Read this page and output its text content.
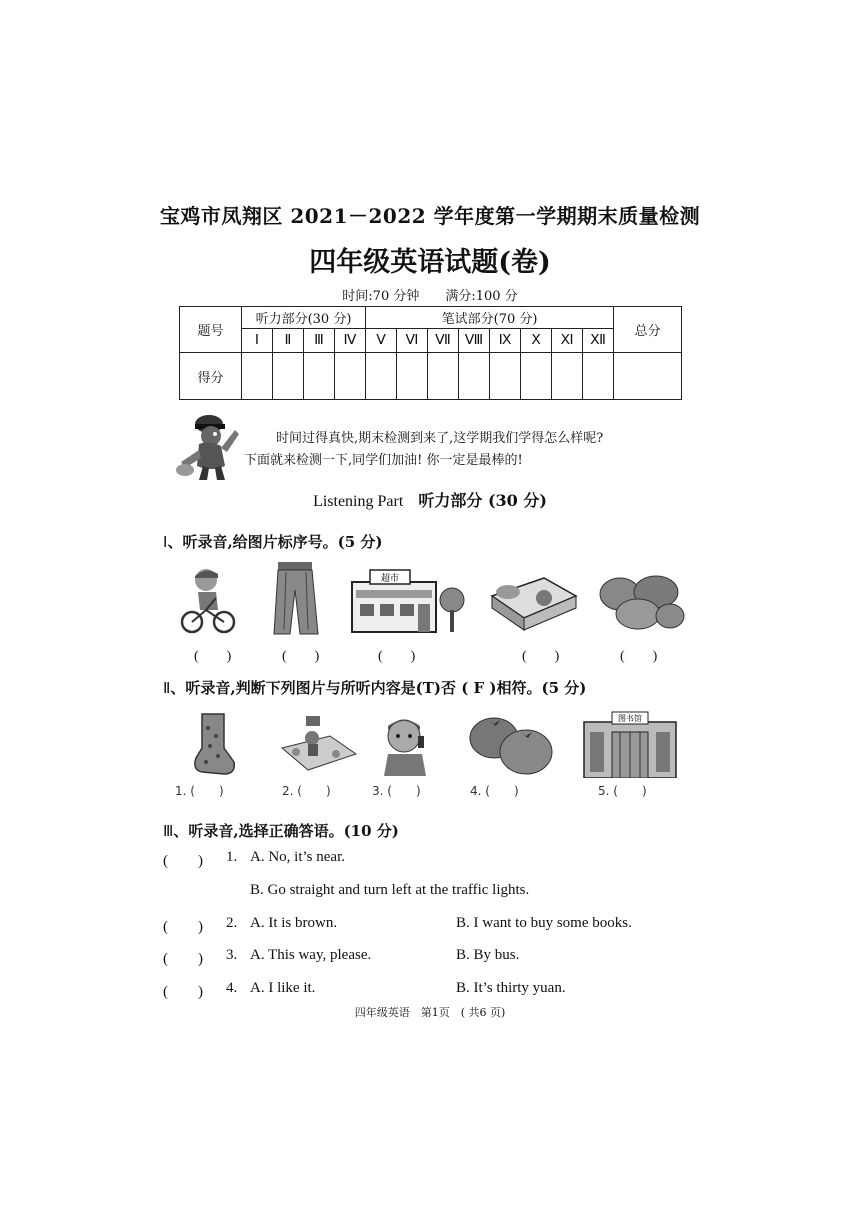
宝鸡市凤翔区 2021－2022 学年度第一学期期末质量检测
四年级英语试题(卷)
时间:70 分钟　　满分:100 分
题号	听力部分(30 分)				笔试部分(70 分)								总分
	Ⅰ	Ⅱ	Ⅲ	Ⅳ	Ⅴ	Ⅵ	Ⅶ	Ⅷ	Ⅸ	Ⅹ	Ⅺ	Ⅻ	
得分													
时间过得真快,期末检测到来了,这学期我们学得怎么样呢?
下面就来检测一下,同学们加油! 你一定是最棒的!
Listening Part 听力部分 (30 分)
Ⅰ、听录音,给图片标序号。(5 分)
超市
(　　)	(　　)	(　　)	(　　)	(　　)
Ⅱ、听录音,判断下列图片与所听内容是(T)否 ( F )相符。(5 分)
图书馆
1. (　　)	2. (　　)	3. (　　)	4. (　　)	5. (　　)
Ⅲ、听录音,选择正确答语。(10 分)
(　　) 1. A. No, it’s near.
B. Go straight and turn left at the traffic lights.
(　　) 2. A. It is brown.	B. I want to buy some books.
(　　) 3. A. This way, please.	B. By bus.
(　　) 4. A. I like it.	B. It’s thirty yuan.
四年级英语　第1页　( 共6 页)
